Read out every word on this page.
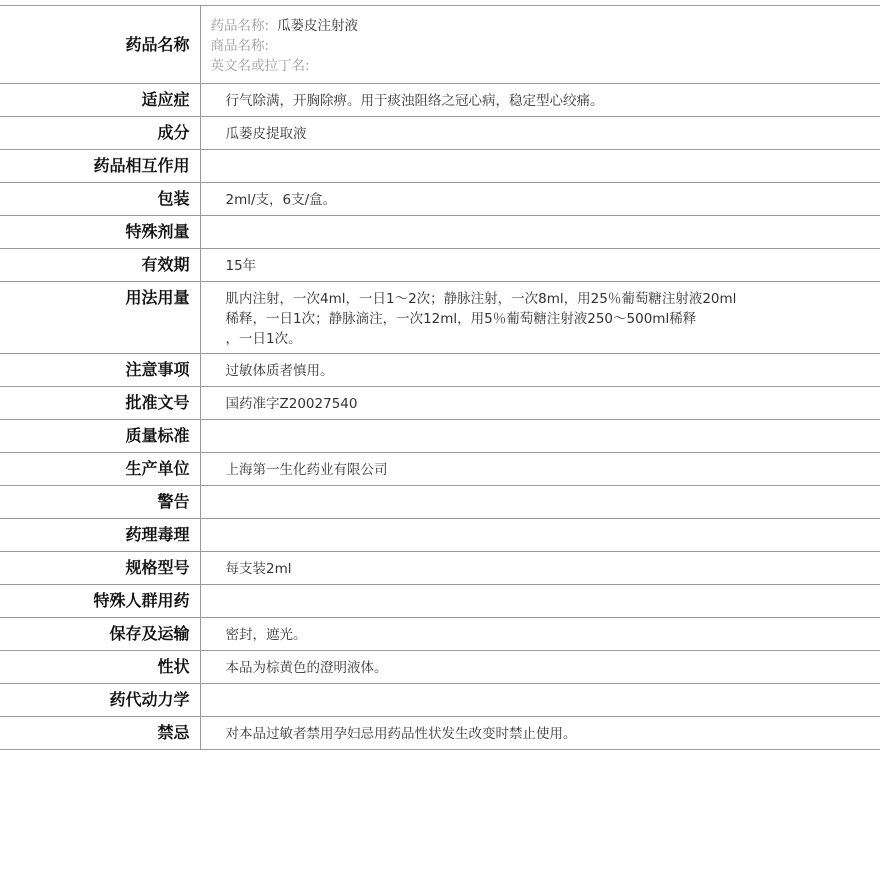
药品名称	药品名称: 瓜蒌皮注射液
商品名称:
英文名或拉丁名:

适应症	行气除满，开胸除痹。用于痰浊阻络之冠心病，稳定型心绞痛。
成分	瓜蒌皮提取液
药品相互作用	
包装	2ml/支，6支/盒。
特殊剂量	
有效期	15年
用法用量	肌内注射，一次4ml，一日1～2次；静脉注射，一次8ml，用25％葡萄糖注射液20ml
稀释，一日1次；静脉滴注，一次12ml，用5％葡萄糖注射液250～500ml稀释
，一日1次。

注意事项	过敏体质者慎用。
批准文号	国药准字Z20027540
质量标准	
生产单位	上海第一生化药业有限公司
警告	
药理毒理	
规格型号	每支装2ml
特殊人群用药	
保存及运输	密封，遮光。
性状	本品为棕黄色的澄明液体。
药代动力学	
禁忌	对本品过敏者禁用孕妇忌用药品性状发生改变时禁止使用。
